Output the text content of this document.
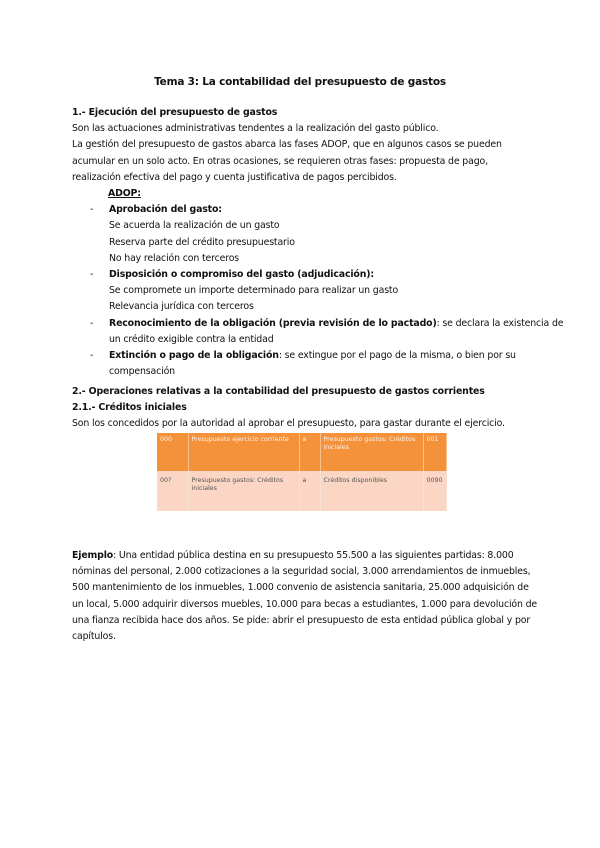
Tema 3: La contabilidad del presupuesto de gastos
1.- Ejecución del presupuesto de gastos
Son las actuaciones administrativas tendentes a la realización del gasto público.
La gestión del presupuesto de gastos abarca las fases ADOP, que en algunos casos se pueden
acumular en un solo acto. En otras ocasiones, se requieren otras fases: propuesta de pago,
realización efectiva del pago y cuenta justificativa de pagos percibidos.
ADOP:
- Aprobación del gasto:
Se acuerda la realización de un gasto
Reserva parte del crédito presupuestario
No hay relación con terceros
- Disposición o compromiso del gasto (adjudicación):
Se compromete un importe determinado para realizar un gasto
Relevancia jurídica con terceros
- Reconocimiento de la obligación (previa revisión de lo pactado): se declara la existencia de
un crédito exigible contra la entidad
- Extinción o pago de la obligación: se extingue por el pago de la misma, o bien por su
compensación
2.- Operaciones relativas a la contabilidad del presupuesto de gastos corrientes
2.1.- Créditos iniciales
Son los concedidos por la autoridad al aprobar el presupuesto, para gastar durante el ejercicio.
000	Presupuesto ejercicio corriente	a	Presupuesto gastos: Créditos iniciales	001
00?	Presupuesto gastos: Créditos iniciales	a	Créditos disponibles	0090
Ejemplo: Una entidad pública destina en su presupuesto 55.500 a las siguientes partidas: 8.000
nóminas del personal, 2.000 cotizaciones a la seguridad social, 3.000 arrendamientos de inmuebles,
500 mantenimiento de los inmuebles, 1.000 convenio de asistencia sanitaria, 25.000 adquisición de
un local, 5.000 adquirir diversos muebles, 10.000 para becas a estudiantes, 1.000 para devolución de
una fianza recibida hace dos años. Se pide: abrir el presupuesto de esta entidad pública global y por
capítulos.
